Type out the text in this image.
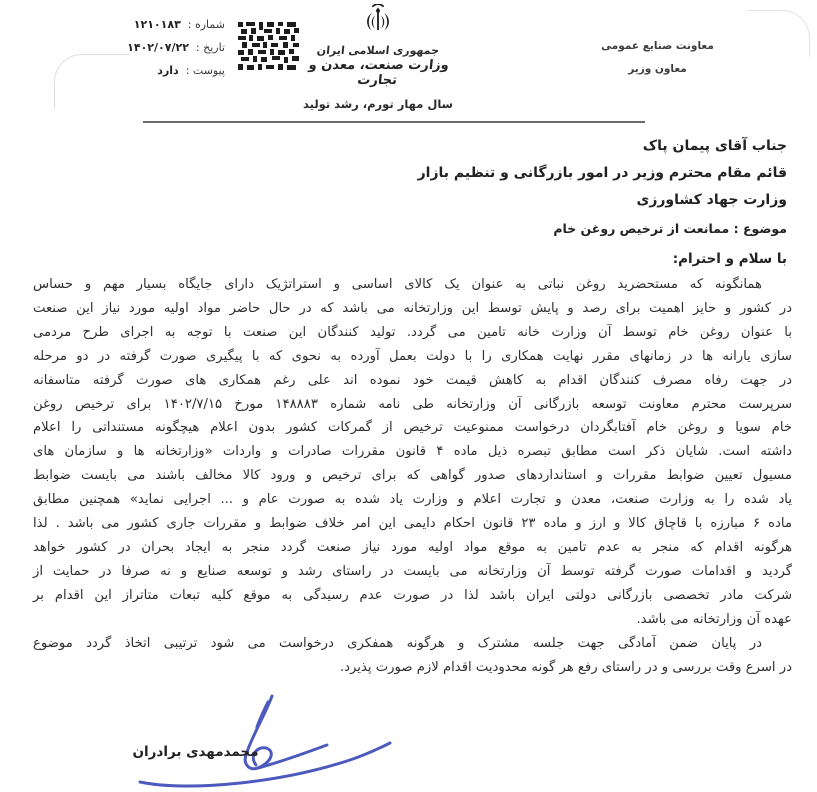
شماره :
۱۲۱۰۱۸۳
تاریخ :
۱۴۰۲/۰۷/۲۲
پیوست :
دارد
جمهوری اسلامی ایران
وزارت صنعت، معدن و تجارت
سال مهار تورم، رشد تولید
معاونت صنایع عمومی
معاون وزیر
جناب آقای پیمان پاک
قائم مقام محترم وزیر در امور بازرگانی و تنظیم بازار
وزارت جهاد کشاورزی
موضوع : ممانعت از ترخیص روغن خام
با سلام و احترام:
همانگونه که مستحضرید روغن نباتی به عنوان یک کالای اساسی و استراتژیک دارای جایگاه بسیار مهم و حساس
در کشور و حایز اهمیت برای رصد و پایش توسط این وزارتخانه می باشد که در حال حاضر مواد اولیه مورد نیاز این صنعت
با عنوان روغن خام توسط آن وزارت خانه تامین می گردد. تولید کنندگان این صنعت با توجه به اجرای طرح مردمی
سازی یارانه ها در زمانهای مقرر نهایت همکاری را با دولت بعمل آورده به نحوی که با پیگیری صورت گرفته در دو مرحله
در جهت رفاه مصرف کنندگان اقدام به کاهش قیمت خود نموده اند علی رغم همکاری های صورت گرفته متاسفانه
سرپرست محترم معاونت توسعه بازرگانی آن وزارتخانه طی نامه شماره ۱۴۸۸۸۳ مورخ ۱۴۰۲/۷/۱۵ برای ترخیص روغن
خام سویا و روغن خام آفتابگردان درخواست ممنوعیت ترخیص از گمرکات کشور بدون اعلام هیچگونه مستنداتی را اعلام
داشته است. شایان ذکر است مطابق تبصره ذیل ماده ۴ قانون مقررات صادرات و واردات «وزارتخانه ها و سازمان های
مسیول تعیین ضوابط مقررات و استانداردهای صدور گواهی که برای ترخیص و ورود کالا مخالف باشند می بایست ضوابط
یاد شده را به وزارت صنعت، معدن و تجارت اعلام و وزارت یاد شده به صورت عام و ... اجرایی نماید» همچنین مطابق
ماده ۶ مبارزه با قاچاق کالا و ارز و ماده ۲۳ قانون احکام دایمی این امر خلاف ضوابط و مقررات جاری کشور می باشد . لذا
هرگونه اقدام که منجر به عدم تامین به موقع مواد اولیه مورد نیاز صنعت گردد منجر به ایجاد بحران در کشور خواهد
گردید و اقدامات صورت گرفته توسط آن وزارتخانه می بایست در راستای رشد و توسعه صنایع و نه صرفا در حمایت از
شرکت مادر تخصصی بازرگانی دولتی ایران باشد لذا در صورت عدم رسیدگی به موقع کلیه تبعات متاتراز این اقدام بر
عهده آن وزارتخانه می باشد.
در پایان ضمن آمادگی جهت جلسه مشترک و هرگونه همفکری درخواست می شود ترتیبی اتخاذ گردد موضوع
در اسرع وقت بررسی و در راستای رفع هر گونه محدودیت اقدام لازم صورت پذیرد.
محمدمهدی برادران
